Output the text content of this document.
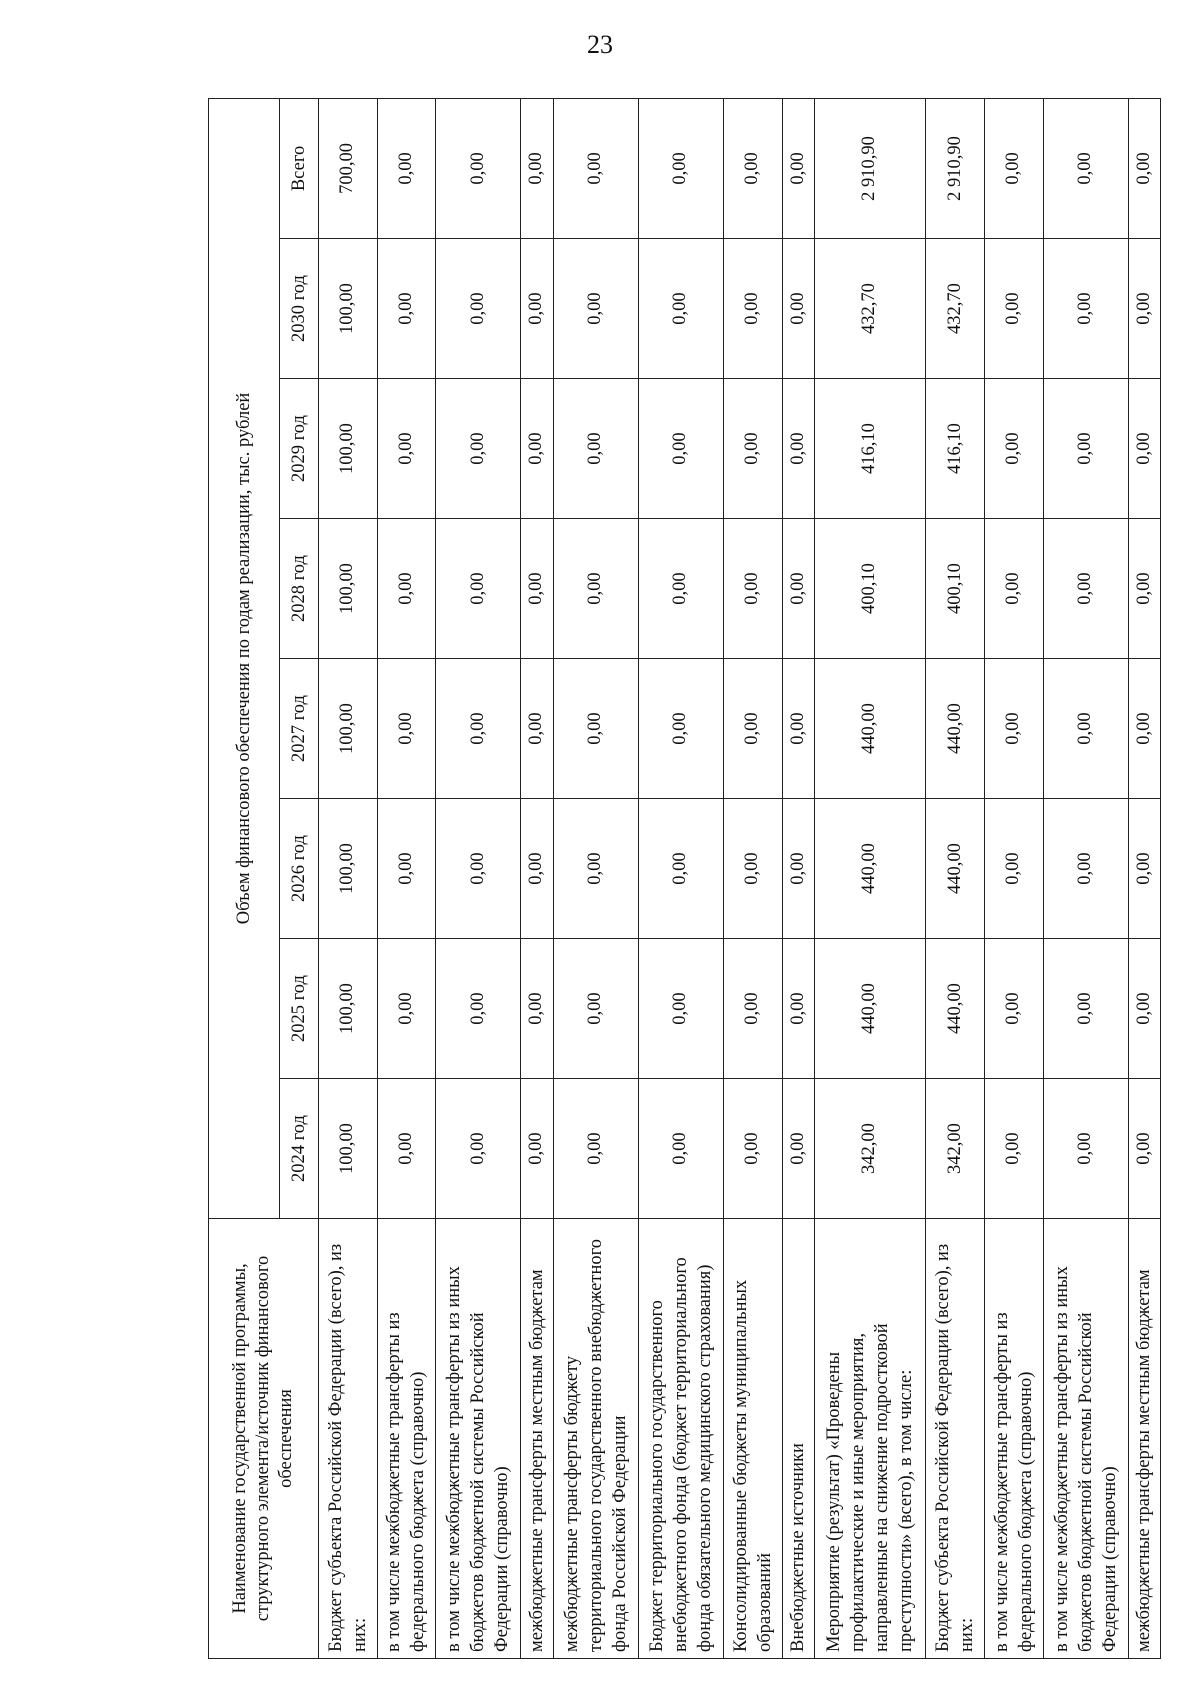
23
Наименование государственной программы, структурного элемента/источник финансового обеспечения	Объем финансового обеспечения по годам реализации, тыс. рублей							
	2024 год	2025 год	2026 год	2027 год	2028 год	2029 год	2030 год	Всего
Бюджет субъекта Российской Федерации (всего), из них:	100,00	100,00	100,00	100,00	100,00	100,00	100,00	700,00
в том числе межбюджетные трансферты из федерального бюджета (справочно)	0,00	0,00	0,00	0,00	0,00	0,00	0,00	0,00
в том числе межбюджетные трансферты из иных бюджетов бюджетной системы Российской Федерации (справочно)	0,00	0,00	0,00	0,00	0,00	0,00	0,00	0,00
межбюджетные трансферты местным бюджетам	0,00	0,00	0,00	0,00	0,00	0,00	0,00	0,00
межбюджетные трансферты бюджету территориального государственного внебюджетного фонда Российской Федерации	0,00	0,00	0,00	0,00	0,00	0,00	0,00	0,00
Бюджет территориального государственного внебюджетного фонда (бюджет территориального фонда обязательного медицинского страхования)	0,00	0,00	0,00	0,00	0,00	0,00	0,00	0,00
Консолидированные бюджеты муниципальных образований	0,00	0,00	0,00	0,00	0,00	0,00	0,00	0,00
Внебюджетные источники	0,00	0,00	0,00	0,00	0,00	0,00	0,00	0,00
Мероприятие (результат) «Проведены профилактические и иные мероприятия, направленные на снижение подростковой преступности» (всего), в том числе:	342,00	440,00	440,00	440,00	400,10	416,10	432,70	2 910,90
Бюджет субъекта Российской Федерации (всего), из них:	342,00	440,00	440,00	440,00	400,10	416,10	432,70	2 910,90
в том числе межбюджетные трансферты из федерального бюджета (справочно)	0,00	0,00	0,00	0,00	0,00	0,00	0,00	0,00
в том числе межбюджетные трансферты из иных бюджетов бюджетной системы Российской Федерации (справочно)	0,00	0,00	0,00	0,00	0,00	0,00	0,00	0,00
межбюджетные трансферты местным бюджетам	0,00	0,00	0,00	0,00	0,00	0,00	0,00	0,00
